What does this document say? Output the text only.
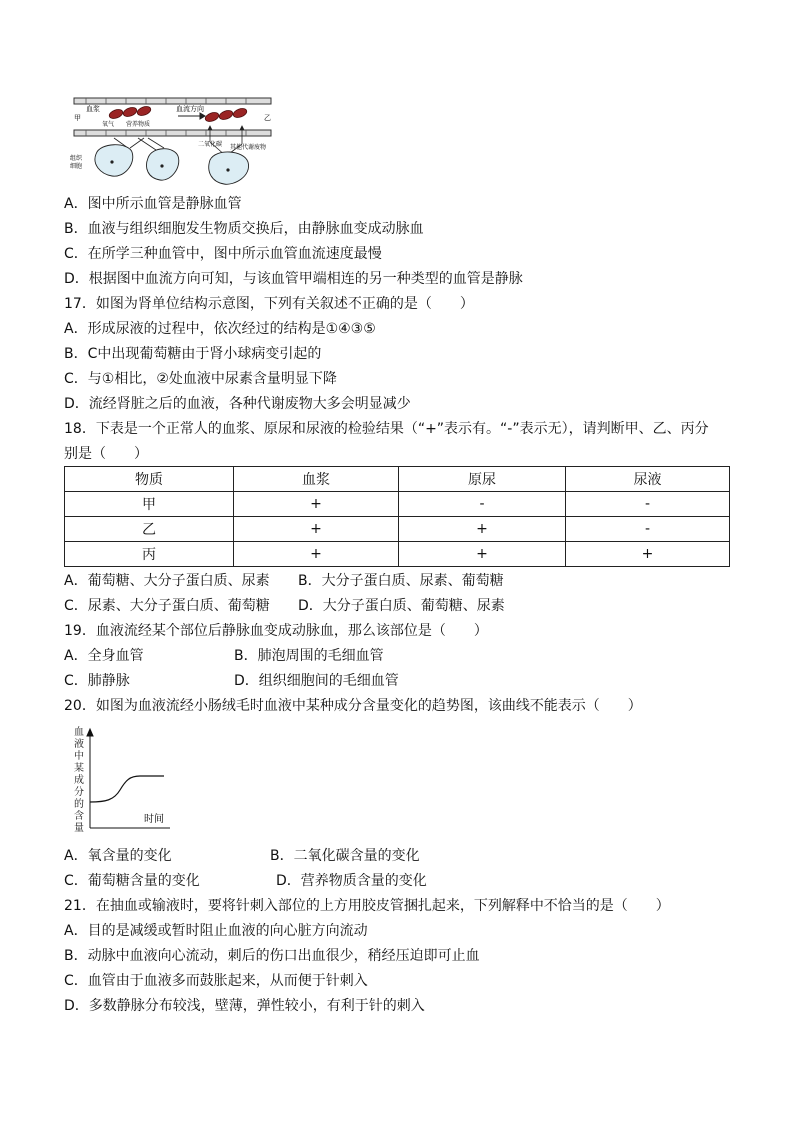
血浆
甲	乙
血流方向
氧气 营养物质
二氧化碳 其他代谢废物
组织
细胞
A．图中所示血管是静脉血管
B．血液与组织细胞发生物质交换后，由静脉血变成动脉血
C．在所学三种血管中，图中所示血管血流速度最慢
D．根据图中血流方向可知，与该血管甲端相连的另一种类型的血管是静脉
17．如图为肾单位结构示意图，下列有关叙述不正确的是（　　）
A．形成尿液的过程中，依次经过的结构是①④③⑤
B．C中出现葡萄糖由于肾小球病变引起的
C．与①相比，②处血液中尿素含量明显下降
D．流经肾脏之后的血液，各种代谢废物大多会明显减少
18．下表是一个正常人的血浆、原尿和尿液的检验结果（“+”表示有。“-”表示无），请判断甲、乙、丙分
别是（　　）
物质	血浆	原尿	尿液
甲	+	-	-
乙	+	+	-
丙	+	+	+
A．葡萄糖、大分子蛋白质、尿素 B．大分子蛋白质、尿素、葡萄糖
C．尿素、大分子蛋白质、葡萄糖 D．大分子蛋白质、葡萄糖、尿素
19．血液流经某个部位后静脉血变成动脉血，那么该部位是（　　）
A．全身血管	B．肺泡周围的毛细血管
C．肺静脉	D．组织细胞间的毛细血管
20．如图为血液流经小肠绒毛时血液中某种成分含量变化的趋势图，该曲线不能表示（　　）
血
液
中
某
成
分
的
含
量
时间
A．氧含量的变化	B．二氧化碳含量的变化
C．葡萄糖含量的变化	D．营养物质含量的变化
21．在抽血或输液时，要将针刺入部位的上方用胶皮管捆扎起来，下列解释中不恰当的是（　　）
A．目的是减缓或暂时阻止血液的向心脏方向流动
B．动脉中血液向心流动，刺后的伤口出血很少，稍经压迫即可止血
C．血管由于血液多而鼓胀起来，从而便于针刺入
D．多数静脉分布较浅，壁薄，弹性较小，有利于针的刺入
